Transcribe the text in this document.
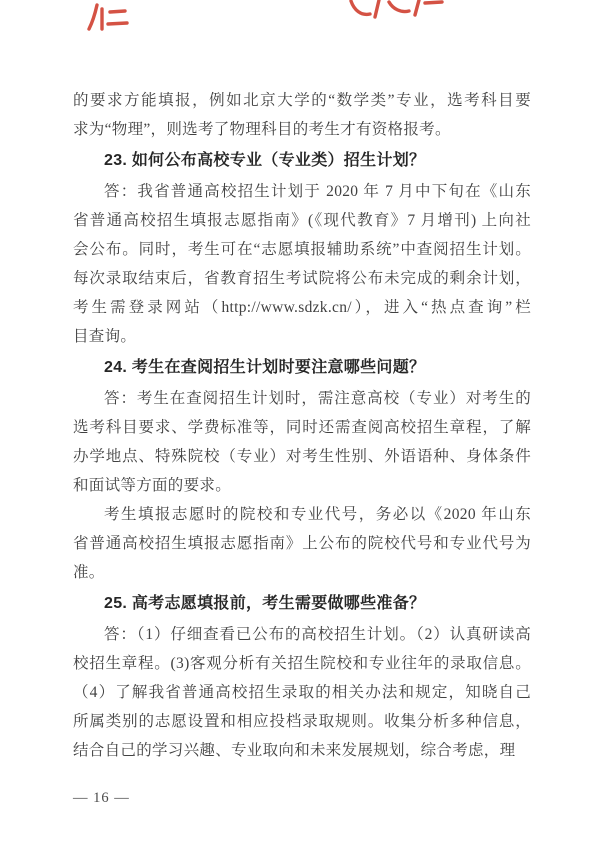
的要求方能填报，例如北京大学的“数学类”专业，选考科目要
求为“物理”，则选考了物理科目的考生才有资格报考。
23. 如何公布高校专业（专业类）招生计划？
答：我省普通高校招生计划于 2020 年 7 月中下旬在《山东
省普通高校招生填报志愿指南》(《现代教育》7 月增刊) 上向社
会公布。同时，考生可在“志愿填报辅助系统”中查阅招生计划。
每次录取结束后，省教育招生考试院将公布未完成的剩余计划，
考生需登录网站（http://www.sdzk.cn/），进入“热点查询”栏
目查询。
24. 考生在查阅招生计划时要注意哪些问题？
答：考生在查阅招生计划时，需注意高校（专业）对考生的
选考科目要求、学费标准等，同时还需查阅高校招生章程，了解
办学地点、特殊院校（专业）对考生性别、外语语种、身体条件
和面试等方面的要求。
考生填报志愿时的院校和专业代号，务必以《2020 年山东
省普通高校招生填报志愿指南》上公布的院校代号和专业代号为
准。
25. 高考志愿填报前，考生需要做哪些准备？
答：（1）仔细查看已公布的高校招生计划。（2）认真研读高
校招生章程。(3)客观分析有关招生院校和专业往年的录取信息。
（4）了解我省普通高校招生录取的相关办法和规定，知晓自己
所属类别的志愿设置和相应投档录取规则。收集分析多种信息，
结合自己的学习兴趣、专业取向和未来发展规划，综合考虑，理
— 16 —
